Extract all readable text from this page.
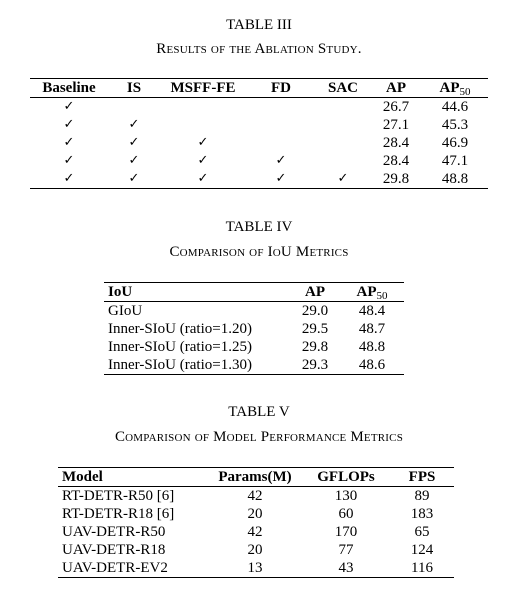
TABLE III
Results of the Ablation Study.
Baseline	IS	MSFF-FE	FD	SAC	AP	$AP_{50}$
✓					26.7	44.6
✓	✓				27.1	45.3
✓	✓	✓			28.4	46.9
✓	✓	✓	✓		28.4	47.1
✓	✓	✓	✓	✓	29.8	48.8
TABLE IV
Comparison of IoU Metrics
IoU	AP	$AP_{50}$
GIoU	29.0	48.4
Inner-SIoU (ratio=1.20)	29.5	48.7
Inner-SIoU (ratio=1.25)	29.8	48.8
Inner-SIoU (ratio=1.30)	29.3	48.6
TABLE V
Comparison of Model Performance Metrics
Model	Params(M)	GFLOPs	FPS
RT-DETR-R50 [6]	42	130	89
RT-DETR-R18 [6]	20	60	183
UAV-DETR-R50	42	170	65
UAV-DETR-R18	20	77	124
UAV-DETR-EV2	13	43	116
